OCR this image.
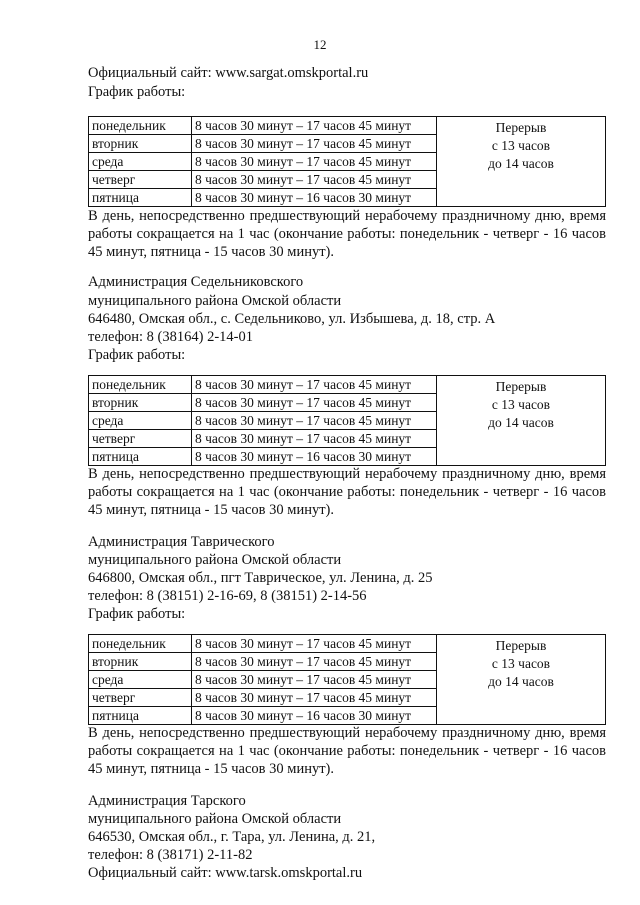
12
Официальный сайт: www.sargat.omskportal.ru
График работы:
понедельник	8 часов 30 минут – 17 часов 45 минут	Перерыв
с 13 часов
до 14 часов

вторник	8 часов 30 минут – 17 часов 45 минут	
среда	8 часов 30 минут – 17 часов 45 минут	
четверг	8 часов 30 минут – 17 часов 45 минут	
пятница	8 часов 30 минут – 16 часов 30 минут	
В день, непосредственно предшествующий нерабочему праздничному дню, время работы сокращается на 1 час (окончание работы: понедельник - четверг - 16 часов 45 минут, пятница - 15 часов 30 минут).
Администрация Седельниковского
муниципального района Омской области
646480, Омская обл., с. Седельниково, ул. Избышева, д. 18, стр. А
телефон: 8 (38164) 2-14-01
График работы:
понедельник	8 часов 30 минут – 17 часов 45 минут	Перерыв
с 13 часов
до 14 часов

вторник	8 часов 30 минут – 17 часов 45 минут	
среда	8 часов 30 минут – 17 часов 45 минут	
четверг	8 часов 30 минут – 17 часов 45 минут	
пятница	8 часов 30 минут – 16 часов 30 минут	
В день, непосредственно предшествующий нерабочему праздничному дню, время работы сокращается на 1 час (окончание работы: понедельник - четверг - 16 часов 45 минут, пятница - 15 часов 30 минут).
Администрация Таврического
муниципального района Омской области
646800, Омская обл., пгт Таврическое, ул. Ленина, д. 25
телефон: 8 (38151) 2-16-69, 8 (38151) 2-14-56
График работы:
понедельник	8 часов 30 минут – 17 часов 45 минут	Перерыв
с 13 часов
до 14 часов

вторник	8 часов 30 минут – 17 часов 45 минут	
среда	8 часов 30 минут – 17 часов 45 минут	
четверг	8 часов 30 минут – 17 часов 45 минут	
пятница	8 часов 30 минут – 16 часов 30 минут	
В день, непосредственно предшествующий нерабочему праздничному дню, время работы сокращается на 1 час (окончание работы: понедельник - четверг - 16 часов 45 минут, пятница - 15 часов 30 минут).
Администрация Тарского
муниципального района Омской области
646530, Омская обл., г. Тара, ул. Ленина, д. 21,
телефон: 8 (38171) 2-11-82
Официальный сайт: www.tarsk.omskportal.ru
